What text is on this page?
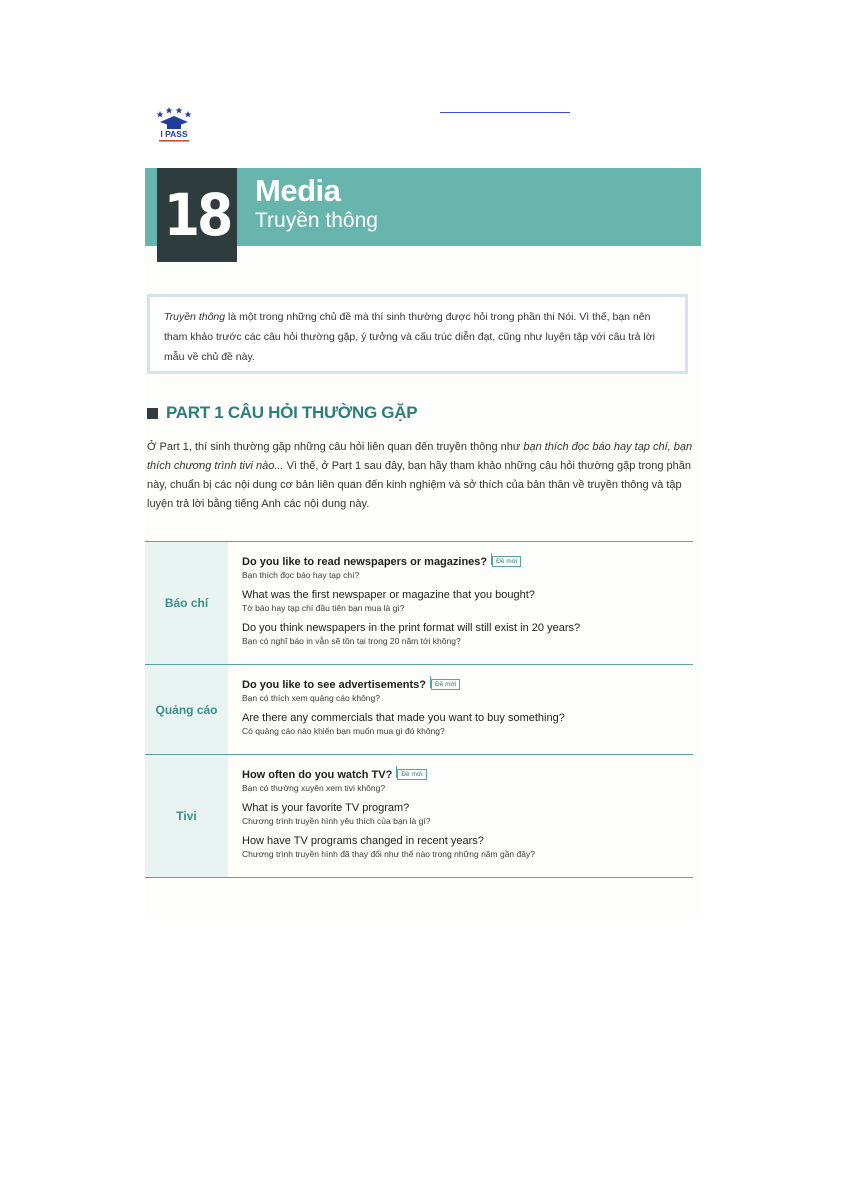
I PASS
18 Media
Truyền thông
Truyền thông là một trong những chủ đề mà thí sinh thường được hỏi trong phần thi Nói. Vì thế, bạn nên tham khảo trước các câu hỏi thường gặp, ý tưởng và cấu trúc diễn đạt, cũng như luyện tập với câu trả lời mẫu về chủ đề này.
PART 1 CÂU HỎI THƯỜNG GẶP
Ở Part 1, thí sinh thường gặp những câu hỏi liên quan đến truyền thông như bạn thích đọc báo hay tạp chí, bạn thích chương trình tivi nào... Vì thế, ở Part 1 sau đây, bạn hãy tham khảo những câu hỏi thường gặp trong phần này, chuẩn bị các nội dung cơ bản liên quan đến kinh nghiệm và sở thích của bản thân về truyền thông và tập luyện trả lời bằng tiếng Anh các nội dung này.
Báo chí
Do you like to read newspapers or magazines? Đề mới
Bạn thích đọc báo hay tạp chí?
What was the first newspaper or magazine that you bought?
Tờ báo hay tạp chí đầu tiên bạn mua là gì?
Do you think newspapers in the print format will still exist in 20 years?
Bạn có nghĩ báo in vẫn sẽ tồn tại trong 20 năm tới không?
Quảng cáo
Do you like to see advertisements? Đề mới
Bạn có thích xem quảng cáo không?
Are there any commercials that made you want to buy something?
Có quảng cáo nào khiến bạn muốn mua gì đó không?
Tivi
How often do you watch TV? Đề mới
Bạn có thường xuyên xem tivi không?
What is your favorite TV program?
Chương trình truyền hình yêu thích của bạn là gì?
How have TV programs changed in recent years?
Chương trình truyền hình đã thay đổi như thế nào trong những năm gần đây?
